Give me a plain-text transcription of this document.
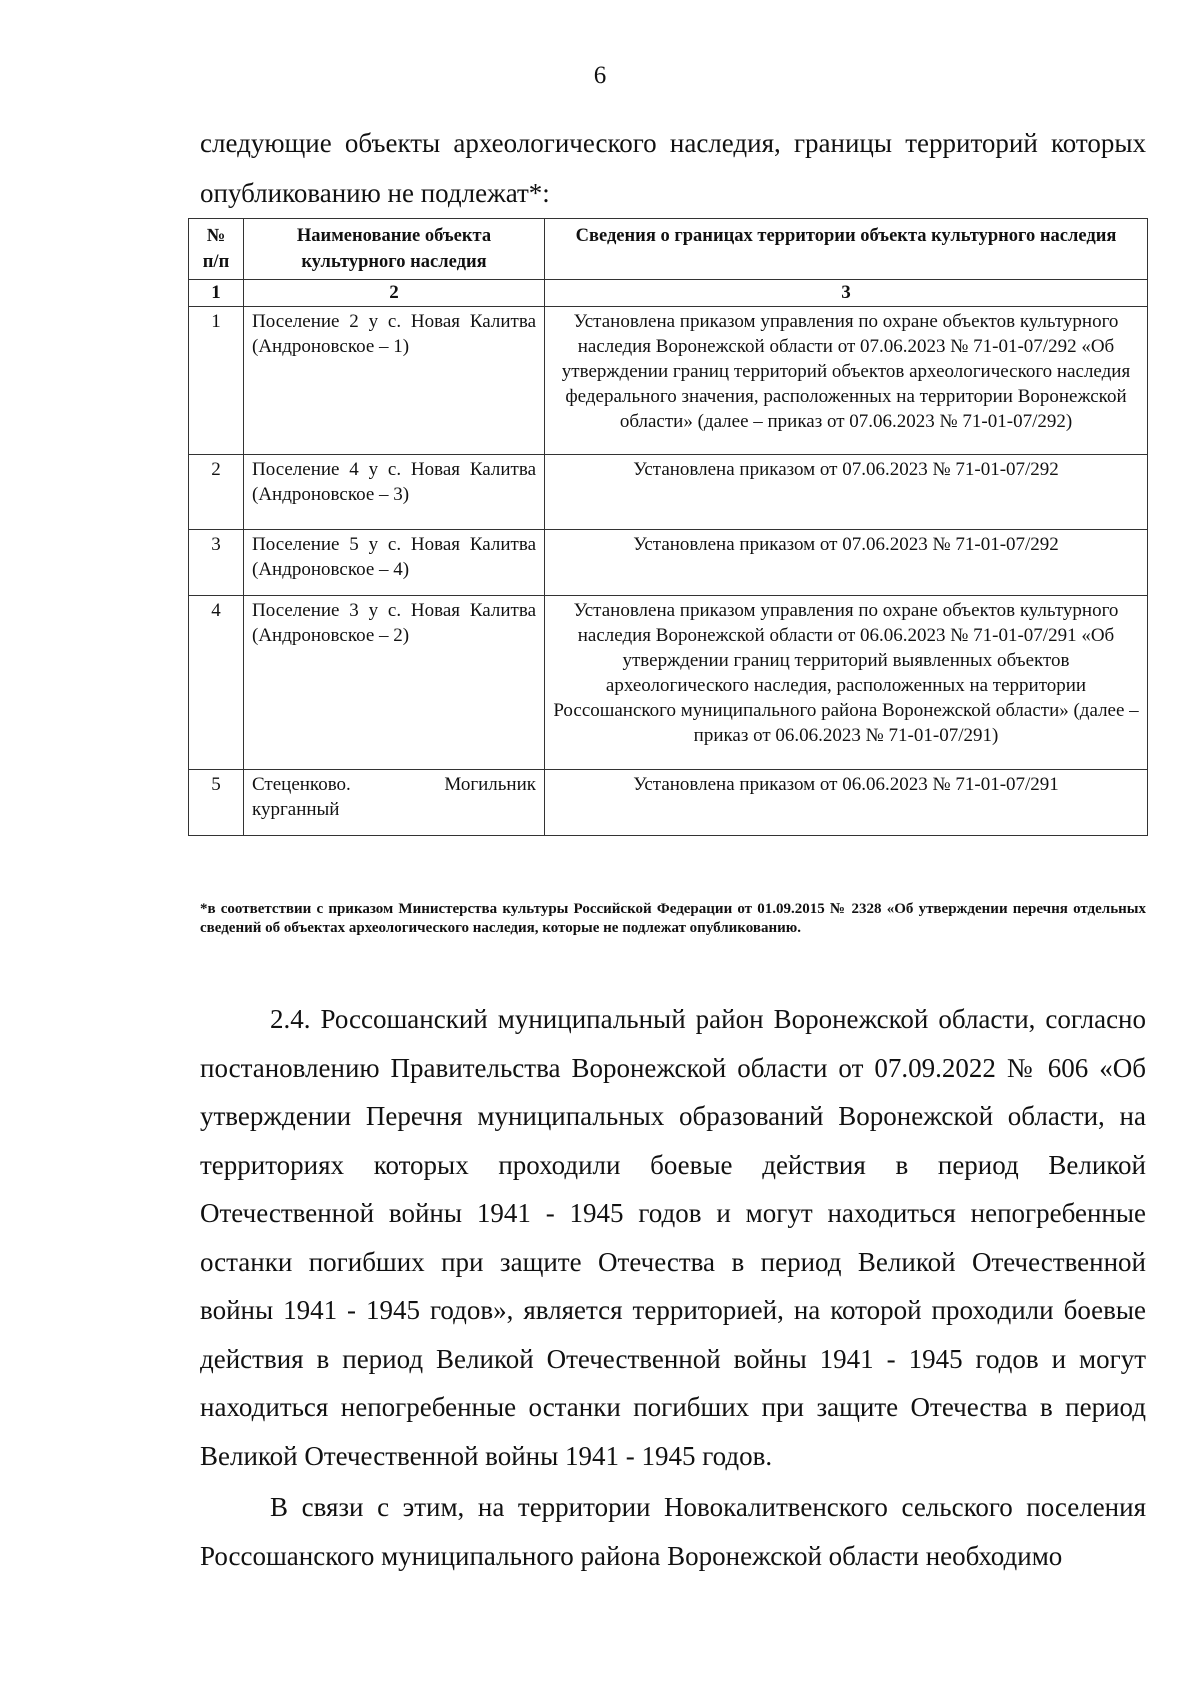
6
следующие объекты археологического наследия, границы территорий которых опубликованию не подлежат*:
№ п/п	Наименование объекта культурного наследия	Сведения о границах территории объекта культурного наследия
1	2	3
1	Поселение 2 у с. Новая Калитва (Андроновское – 1)	Установлена приказом управления по охране объектов культурного наследия Воронежской области от 07.06.2023 № 71-01-07/292 «Об утверждении границ территорий объектов археологического наследия федерального значения, расположенных на территории Воронежской области» (далее – приказ от 07.06.2023 № 71-01-07/292)
2	Поселение 4 у с. Новая Калитва (Андроновское – 3)	Установлена приказом от 07.06.2023 № 71-01-07/292
3	Поселение 5 у с. Новая Калитва (Андроновское – 4)	Установлена приказом от 07.06.2023 № 71-01-07/292
4	Поселение 3 у с. Новая Калитва (Андроновское – 2)	Установлена приказом управления по охране объектов культурного наследия Воронежской области от 06.06.2023 № 71-01-07/291 «Об утверждении границ территорий выявленных объектов археологического наследия, расположенных на территории Россошанского муниципального района Воронежской области» (далее – приказ от 06.06.2023 № 71-01-07/291)
5	Стеценково. Могильник курганный	Установлена приказом от 06.06.2023 № 71-01-07/291
*в соответствии с приказом Министерства культуры Российской Федерации от 01.09.2015 № 2328 «Об утверждении перечня отдельных сведений об объектах археологического наследия, которые не подлежат опубликованию.
2.4. Россошанский муниципальный район Воронежской области, согласно постановлению Правительства Воронежской области от 07.09.2022 № 606 «Об утверждении Перечня муниципальных образований Воронежской области, на территориях которых проходили боевые действия в период Великой Отечественной войны 1941 - 1945 годов и могут находиться непогребенные останки погибших при защите Отечества в период Великой Отечественной войны 1941 - 1945 годов», является территорией, на которой проходили боевые действия в период Великой Отечественной войны 1941 - 1945 годов и могут находиться непогребенные останки погибших при защите Отечества в период Великой Отечественной войны 1941 - 1945 годов.
В связи с этим, на территории Новокалитвенского сельского поселения Россошанского муниципального района Воронежской области необходимо
